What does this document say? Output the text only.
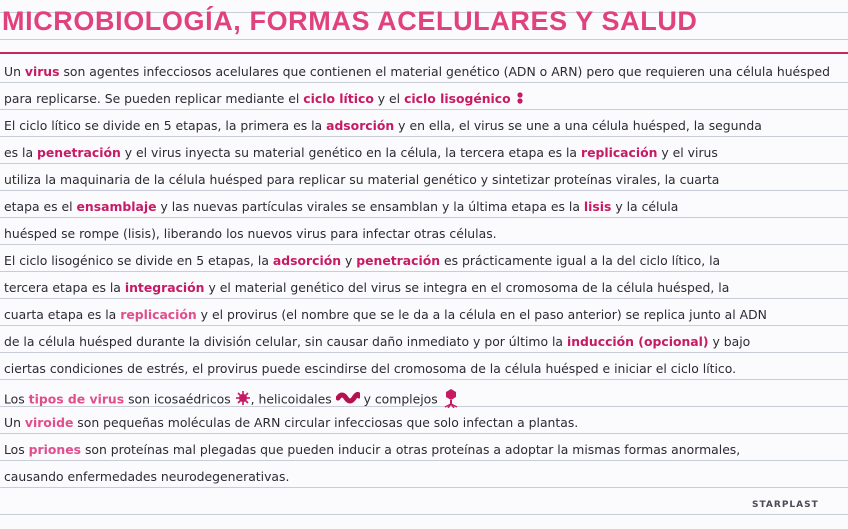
MICROBIOLOGÍA, FORMAS ACELULARES Y SALUD

Un virus son agentes infecciosos acelulares que contienen el material genético (ADN o ARN) pero que requieren una célula huésped

para replicarse. Se pueden replicar mediante el ciclo lítico y el ciclo lisogénico

El ciclo lítico se divide en 5 etapas, la primera es la adsorción y en ella, el virus se une a una célula huésped, la segunda

es la penetración y el virus inyecta su material genético en la célula, la tercera etapa es la replicación y el virus

utiliza la maquinaria de la célula huésped para replicar su material genético y sintetizar proteínas virales, la cuarta

etapa es el ensamblaje y las nuevas partículas virales se ensamblan y la última etapa es la lisis y la célula

huésped se rompe (lisis), liberando los nuevos virus para infectar otras células.

El ciclo lisogénico se divide en 5 etapas, la adsorción y penetración es prácticamente igual a la del ciclo lítico, la

tercera etapa es la integración y el material genético del virus se integra en el cromosoma de la célula huésped, la

cuarta etapa es la replicación y el provirus (el nombre que se le da a la célula en el paso anterior) se replica junto al ADN

de la célula huésped durante la división celular, sin causar daño inmediato y por último la inducción (opcional) y bajo

ciertas condiciones de estrés, el provirus puede escindirse del cromosoma de la célula huésped e iniciar el ciclo lítico.

Los tipos de virus son icosaédricos , helicoidales  y complejos

Un viroide son pequeñas moléculas de ARN circular infecciosas que solo infectan a plantas.

Los priones son proteínas mal plegadas que pueden inducir a otras proteínas a adoptar la mismas formas anormales,

causando enfermedades neurodegenerativas.

STARPLAST
